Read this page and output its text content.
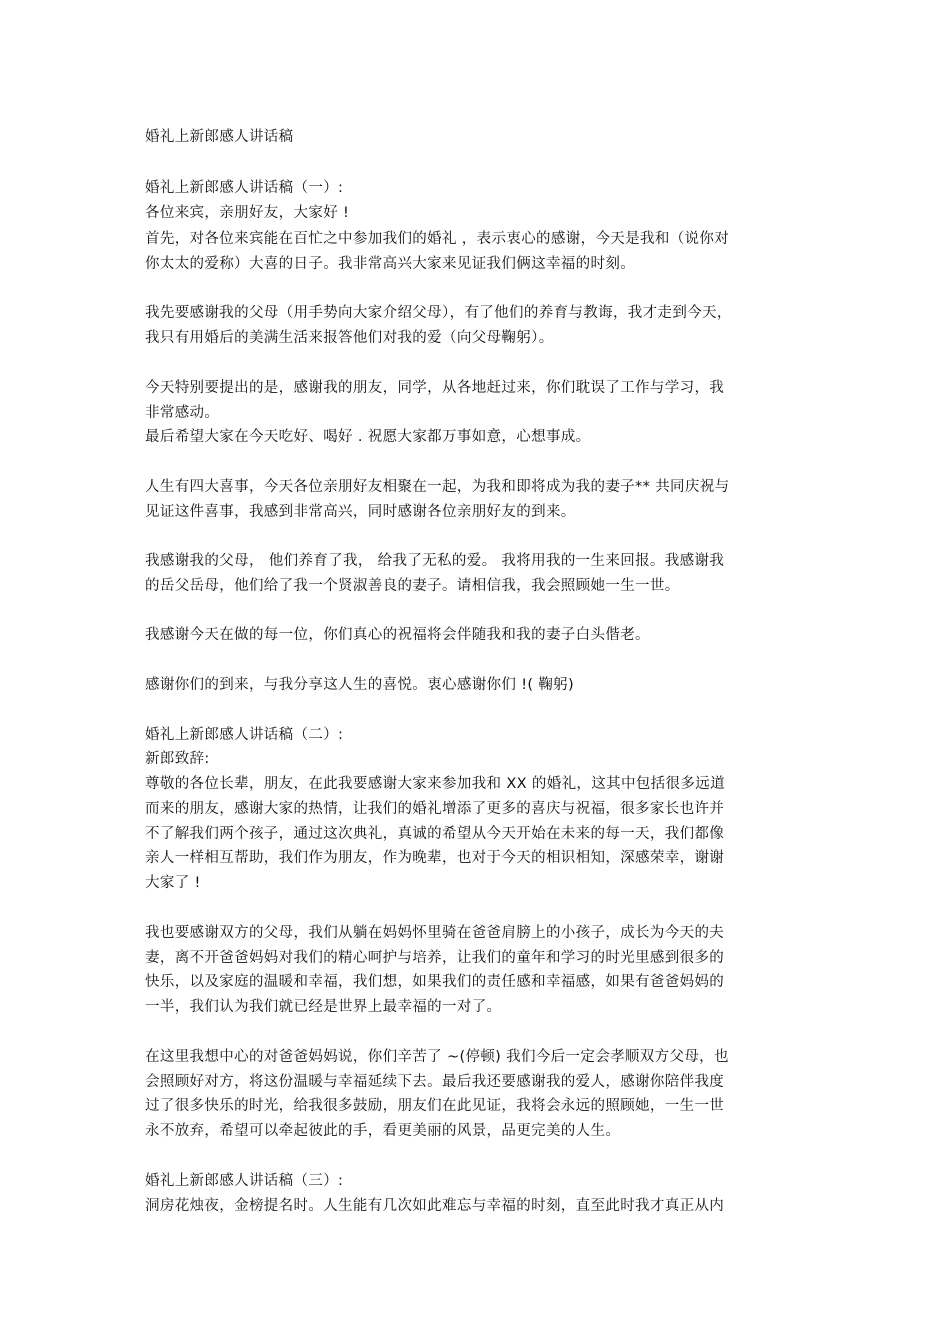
婚礼上新郎感人讲话稿
婚礼上新郎感人讲话稿（一）:
各位来宾，亲朋好友，大家好 !
首先，对各位来宾能在百忙之中参加我们的婚礼 ，表示衷心的感谢，今天是我和（说你对
你太太的爱称）大喜的日子。我非常高兴大家来见证我们俩这幸福的时刻。
我先要感谢我的父母（用手势向大家介绍父母），有了他们的养育与教诲，我才走到今天，
我只有用婚后的美满生活来报答他们对我的爱（向父母鞠躬）。
今天特别要提出的是，感谢我的朋友，同学，从各地赶过来，你们耽误了工作与学习，我
非常感动。
最后希望大家在今天吃好、喝好 . 祝愿大家都万事如意，心想事成。
人生有四大喜事，今天各位亲朋好友相聚在一起，为我和即将成为我的妻子** 共同庆祝与
见证这件喜事，我感到非常高兴，同时感谢各位亲朋好友的到来。
我感谢我的父母， 他们养育了我， 给我了无私的爱。 我将用我的一生来回报。我感谢我
的岳父岳母，他们给了我一个贤淑善良的妻子。请相信我，我会照顾她一生一世。
我感谢今天在做的每一位，你们真心的祝福将会伴随我和我的妻子白头偕老。
感谢你们的到来，与我分享这人生的喜悦。衷心感谢你们 !( 鞠躬)
婚礼上新郎感人讲话稿（二）:
新郎致辞:
尊敬的各位长辈，朋友，在此我要感谢大家来参加我和 XX 的婚礼，这其中包括很多远道
而来的朋友，感谢大家的热情，让我们的婚礼增添了更多的喜庆与祝福，很多家长也许并
不了解我们两个孩子，通过这次典礼，真诚的希望从今天开始在未来的每一天，我们都像
亲人一样相互帮助，我们作为朋友，作为晚辈，也对于今天的相识相知，深感荣幸，谢谢
大家了 !
我也要感谢双方的父母，我们从躺在妈妈怀里骑在爸爸肩膀上的小孩子，成长为今天的夫
妻，离不开爸爸妈妈对我们的精心呵护与培养，让我们的童年和学习的时光里感到很多的
快乐，以及家庭的温暖和幸福，我们想，如果我们的责任感和幸福感，如果有爸爸妈妈的
一半，我们认为我们就已经是世界上最幸福的一对了。
在这里我想中心的对爸爸妈妈说，你们辛苦了 ~(停顿) 我们今后一定会孝顺双方父母，也
会照顾好对方，将这份温暖与幸福延续下去。最后我还要感谢我的爱人，感谢你陪伴我度
过了很多快乐的时光，给我很多鼓励，朋友们在此见证，我将会永远的照顾她，一生一世
永不放弃，希望可以牵起彼此的手，看更美丽的风景，品更完美的人生。
婚礼上新郎感人讲话稿（三）:
洞房花烛夜，金榜提名时。人生能有几次如此难忘与幸福的时刻，直至此时我才真正从内
